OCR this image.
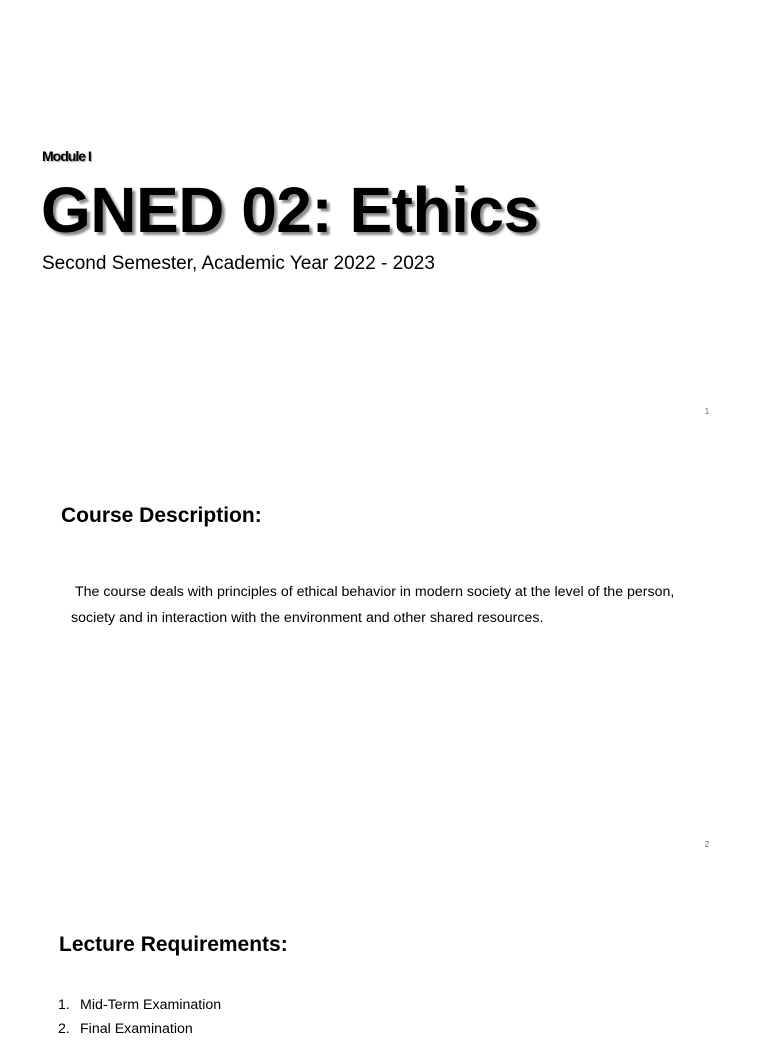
Module I
GNED 02: Ethics
Second Semester, Academic Year 2022 - 2023
1
Course Description:

The course deals with principles of ethical behavior in modern society at the level of the person, society and in interaction with the environment and other shared resources.

2
Lecture Requirements:
1. Mid-Term Examination
2. Final Examination
